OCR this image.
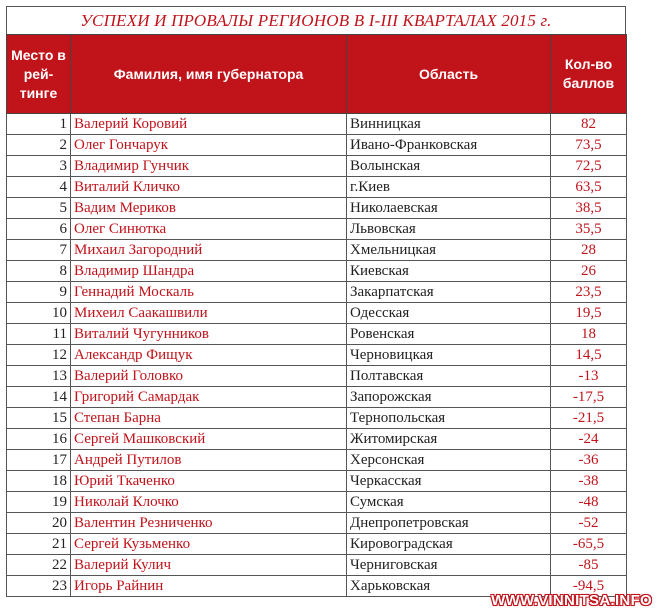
УСПЕХИ И ПРОВАЛЫ РЕГИОНОВ В I-III КВАРТАЛАХ 2015 г.
Место в рей-тинге	Фамилия, имя губернатора	Область	Кол-во баллов
1	Валерий Коровий	Винницкая	82
2	Олег Гончарук	Ивано-Франковская	73,5
3	Владимир Гунчик	Волынская	72,5
4	Виталий Кличко	г.Киев	63,5
5	Вадим Мериков	Николаевская	38,5
6	Олег Синютка	Львовская	35,5
7	Михаил Загородний	Хмельницкая	28
8	Владимир Шандра	Киевская	26
9	Геннадий Москаль	Закарпатская	23,5
10	Михеил Саакашвили	Одесская	19,5
11	Виталий Чугунников	Ровенская	18
12	Александр Фищук	Черновицкая	14,5
13	Валерий Головко	Полтавская	-13
14	Григорий Самардак	Запорожская	-17,5
15	Степан Барна	Тернопольская	-21,5
16	Сергей Машковский	Житомирская	-24
17	Андрей Путилов	Херсонская	-36
18	Юрий Ткаченко	Черкасская	-38
19	Николай Клочко	Сумская	-48
20	Валентин Резниченко	Днепропетровская	-52
21	Сергей Кузьменко	Кировоградская	-65,5
22	Валерий Кулич	Черниговская	-85
23	Игорь Райнин	Харьковская	-94,5
WWW.VINNITSA.INFO
